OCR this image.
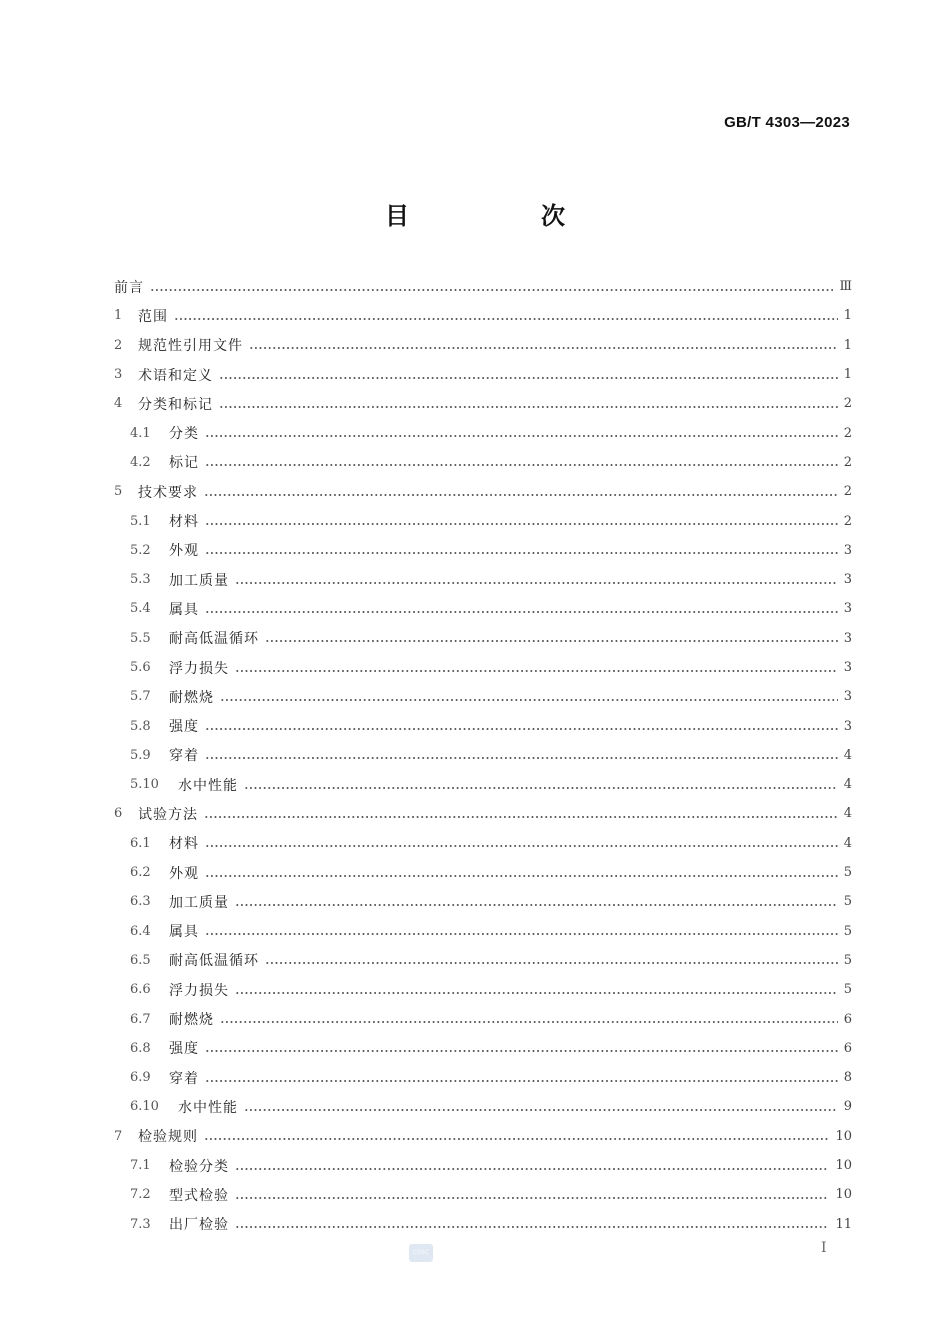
GB/T 4303—2023
目　次
前言	Ⅲ
1	范围	1
2	规范性引用文件	1
3	术语和定义	1
4	分类和标记	2
4.1	分类	2
4.2	标记	2
5	技术要求	2
5.1	材料	2
5.2	外观	3
5.3	加工质量	3
5.4	属具	3
5.5	耐高低温循环	3
5.6	浮力损失	3
5.7	耐燃烧	3
5.8	强度	3
5.9	穿着	4
5.10	水中性能	4
6	试验方法	4
6.1	材料	4
6.2	外观	5
6.3	加工质量	5
6.4	属具	5
6.5	耐高低温循环	5
6.6	浮力损失	5
6.7	耐燃烧	6
6.8	强度	6
6.9	穿着	8
6.10	水中性能	9
7	检验规则	10
7.1	检验分类	10
7.2	型式检验	10
7.3	出厂检验	11
I
CSSC
